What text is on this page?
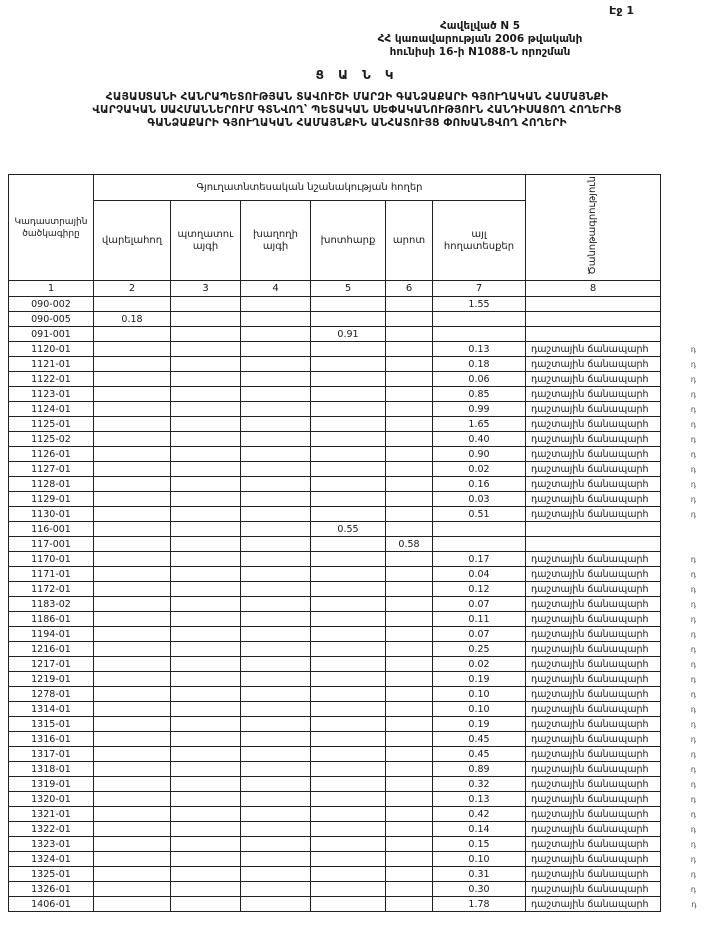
Էջ 1
Հավելված N 5
ՀՀ կառավարության 2006 թվականի
հունիսի 16-ի N1088-Ն որոշման
Ց Ա Ն Կ
ՀԱՅԱՍՏԱՆԻ ՀԱՆՐԱՊԵՏՈՒԹՅԱՆ ՏԱՎՈՒՇԻ ՄԱՐԶԻ ԳԱՆՁԱՔԱՐԻ ԳՅՈՒՂԱԿԱՆ ՀԱՄԱՅՆՔԻ
ՎԱՐՉԱԿԱՆ ՍԱՀՄԱՆՆԵՐՈՒՄ ԳՏՆՎՈՂ՝ ՊԵՏԱԿԱՆ ՍԵՓԱԿԱՆՈՒԹՅՈՒՆ ՀԱՆԴԻՍԱՑՈՂ ՀՈՂԵՐԻՑ
ԳԱՆՁԱՔԱՐԻ ԳՅՈՒՂԱԿԱՆ ՀԱՄԱՅՆՔԻՆ ԱՆՀԱՏՈՒՅՑ ՓՈԽԱՆՑՎՈՂ ՀՈՂԵՐԻ
Կադաստրային ծածկագիրը	Գյուղատնտեսական նշանակության հողեր						Ծանոթագրություն	
	վարելահող	պտղատու այգի	խաղողի այգի	խոտհարք	արոտ	այլ հողատեսքեր		
1	2	3	4	5	6	7	8	
090-002						1.55		
090-005	0.18							
091-001				0.91				
1120-01						0.13	դաշտային ճանապարհ	դ
1121-01						0.18	դաշտային ճանապարհ	դ
1122-01						0.06	դաշտային ճանապարհ	դ
1123-01						0.85	դաշտային ճանապարհ	դ
1124-01						0.99	դաշտային ճանապարհ	դ
1125-01						1.65	դաշտային ճանապարհ	դ
1125-02						0.40	դաշտային ճանապարհ	դ
1126-01						0.90	դաշտային ճանապարհ	դ
1127-01						0.02	դաշտային ճանապարհ	դ
1128-01						0.16	դաշտային ճանապարհ	դ
1129-01						0.03	դաշտային ճանապարհ	դ
1130-01						0.51	դաշտային ճանապարհ	դ
116-001				0.55				
117-001					0.58			
1170-01						0.17	դաշտային ճանապարհ	դ
1171-01						0.04	դաշտային ճանապարհ	դ
1172-01						0.12	դաշտային ճանապարհ	դ
1183-02						0.07	դաշտային ճանապարհ	դ
1186-01						0.11	դաշտային ճանապարհ	դ
1194-01						0.07	դաշտային ճանապարհ	դ
1216-01						0.25	դաշտային ճանապարհ	դ
1217-01						0.02	դաշտային ճանապարհ	դ
1219-01						0.19	դաշտային ճանապարհ	դ
1278-01						0.10	դաշտային ճանապարհ	դ
1314-01						0.10	դաշտային ճանապարհ	դ
1315-01						0.19	դաշտային ճանապարհ	դ
1316-01						0.45	դաշտային ճանապարհ	դ
1317-01						0.45	դաշտային ճանապարհ	դ
1318-01						0.89	դաշտային ճանապարհ	դ
1319-01						0.32	դաշտային ճանապարհ	դ
1320-01						0.13	դաշտային ճանապարհ	դ
1321-01						0.42	դաշտային ճանապարհ	դ
1322-01						0.14	դաշտային ճանապարհ	դ
1323-01						0.15	դաշտային ճանապարհ	դ
1324-01						0.10	դաշտային ճանապարհ	դ
1325-01						0.31	դաշտային ճանապարհ	դ
1326-01						0.30	դաշտային ճանապարհ	դ
1406-01						1.78	դաշտային ճանապարհ	դ
